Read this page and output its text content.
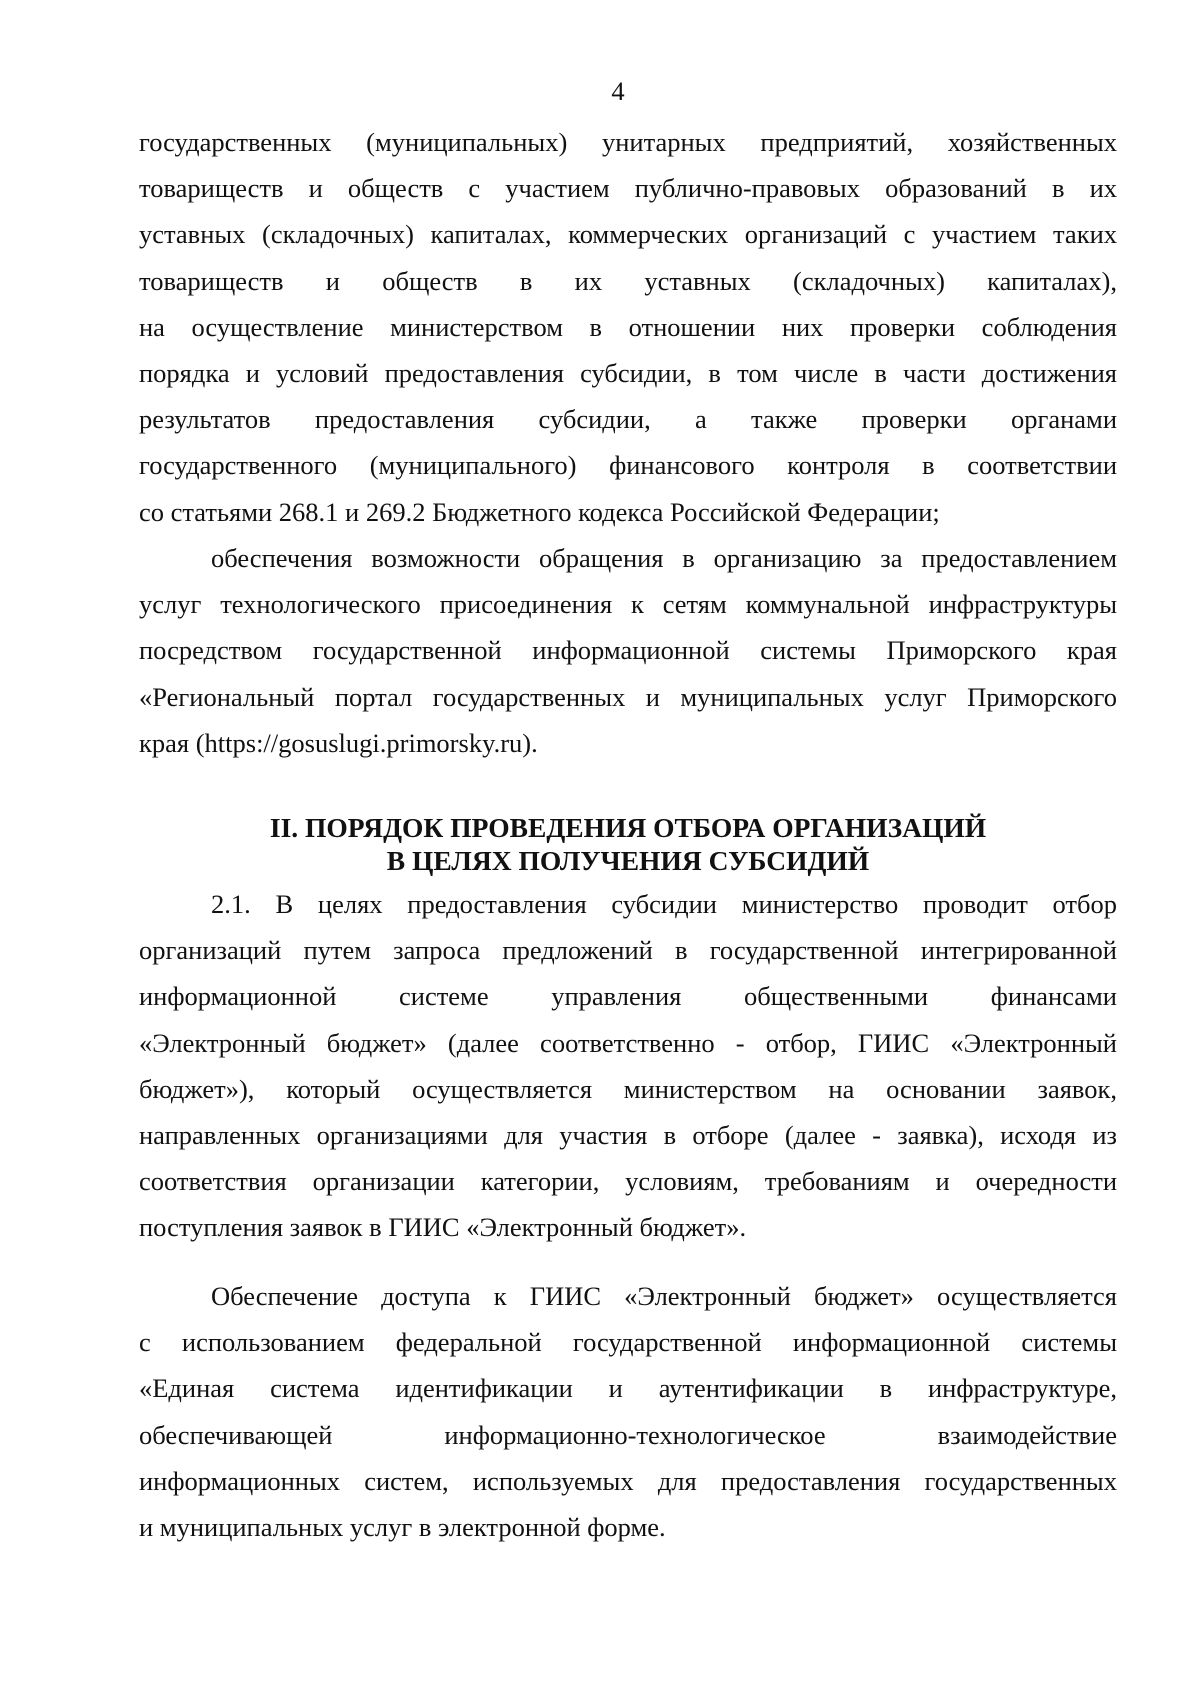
4
государственных (муниципальных) унитарных предприятий, хозяйственных
товариществ и обществ с участием публично-правовых образований в их
уставных (складочных) капиталах, коммерческих организаций с участием таких
товариществ и обществ в их уставных (складочных) капиталах),
на осуществление министерством в отношении них проверки соблюдения
порядка и условий предоставления субсидии, в том числе в части достижения
результатов предоставления субсидии, а также проверки органами
государственного (муниципального) финансового контроля в соответствии
со статьями 268.1 и 269.2 Бюджетного кодекса Российской Федерации;
обеспечения возможности обращения в организацию за предоставлением
услуг технологического присоединения к сетям коммунальной инфраструктуры
посредством государственной информационной системы Приморского края
«Региональный портал государственных и муниципальных услуг Приморского
края (https://gosuslugi.primorsky.ru).
II. ПОРЯДОК ПРОВЕДЕНИЯ ОТБОРА ОРГАНИЗАЦИЙ
В ЦЕЛЯХ ПОЛУЧЕНИЯ СУБСИДИЙ
2.1. В целях предоставления субсидии министерство проводит отбор
организаций путем запроса предложений в государственной интегрированной
информационной системе управления общественными финансами
«Электронный бюджет» (далее соответственно - отбор, ГИИС «Электронный
бюджет»), который осуществляется министерством на основании заявок,
направленных организациями для участия в отборе (далее - заявка), исходя из
соответствия организации категории, условиям, требованиям и очередности
поступления заявок в ГИИС «Электронный бюджет».
Обеспечение доступа к ГИИС «Электронный бюджет» осуществляется
с использованием федеральной государственной информационной системы
«Единая система идентификации и аутентификации в инфраструктуре,
обеспечивающей информационно-технологическое взаимодействие
информационных систем, используемых для предоставления государственных
и муниципальных услуг в электронной форме.
